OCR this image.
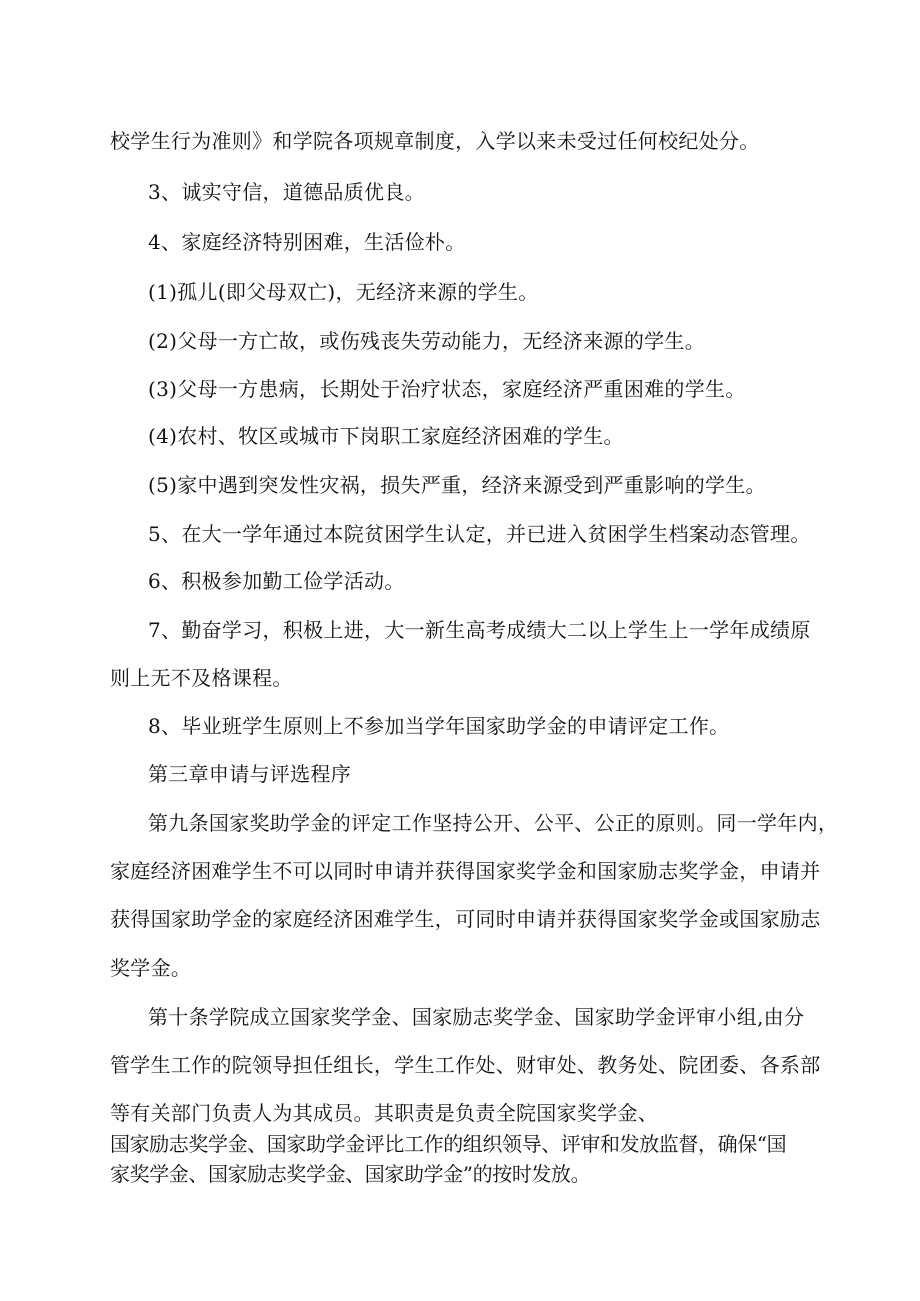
校学生行为准则》和学院各项规章制度，入学以来未受过任何校纪处分。
3、诚实守信，道德品质优良。
4、家庭经济特别困难，生活俭朴。
(1)孤儿(即父母双亡)，无经济来源的学生。
(2)父母一方亡故，或伤残丧失劳动能力，无经济来源的学生。
(3)父母一方患病，长期处于治疗状态，家庭经济严重困难的学生。
(4)农村、牧区或城市下岗职工家庭经济困难的学生。
(5)家中遇到突发性灾祸，损失严重，经济来源受到严重影响的学生。
5、在大一学年通过本院贫困学生认定，并已进入贫困学生档案动态管理。
6、积极参加勤工俭学活动。
7、勤奋学习，积极上进，大一新生高考成绩大二以上学生上一学年成绩原
则上无不及格课程。
8、毕业班学生原则上不参加当学年国家助学金的申请评定工作。
第三章申请与评选程序
第九条国家奖助学金的评定工作坚持公开、公平、公正的原则。同一学年内，
家庭经济困难学生不可以同时申请并获得国家奖学金和国家励志奖学金，申请并
获得国家助学金的家庭经济困难学生，可同时申请并获得国家奖学金或国家励志
奖学金。
第十条学院成立国家奖学金、国家励志奖学金、国家助学金评审小组,由分
管学生工作的院领导担任组长，学生工作处、财审处、教务处、院团委、各系部
等有关部门负责人为其成员。其职责是负责全院国家奖学金、
国家励志奖学金、国家助学金评比工作的组织领导、评审和发放监督，确保“国
家奖学金、国家励志奖学金、国家助学金”的按时发放。
